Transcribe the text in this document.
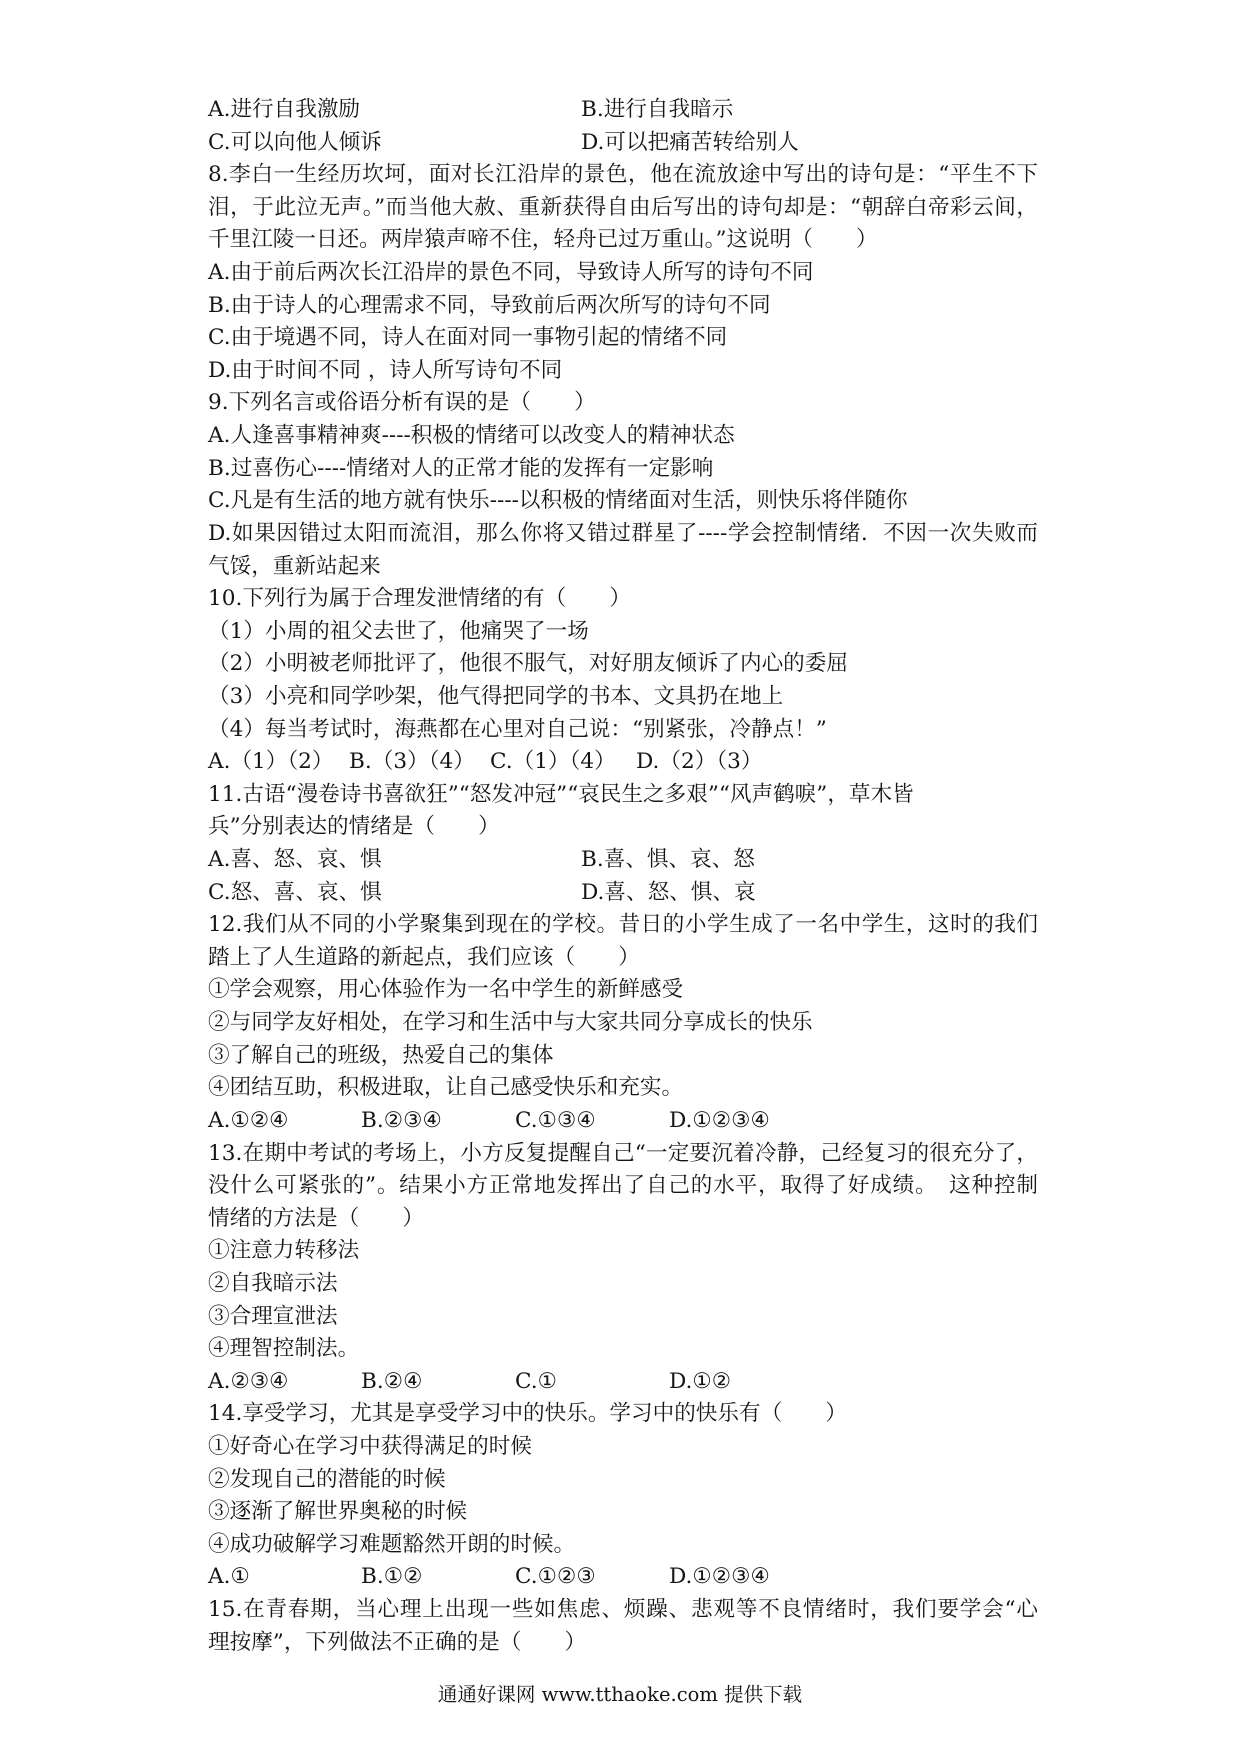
A.进行自我激励	B.进行自我暗示
C.可以向他人倾诉	D.可以把痛苦转给别人
8.李白一生经历坎坷，面对长江沿岸的景色，他在流放途中写出的诗句是：“平生不下
泪，于此泣无声。”而当他大赦、重新获得自由后写出的诗句却是：“朝辞白帝彩云间，
千里江陵一日还。两岸猿声啼不住，轻舟已过万重山。”这说明（　　）
A.由于前后两次长江沿岸的景色不同，导致诗人所写的诗句不同
B.由于诗人的心理需求不同，导致前后两次所写的诗句不同
C.由于境遇不同，诗人在面对同一事物引起的情绪不同
D.由于时间不同 ，诗人所写诗句不同
9.下列名言或俗语分析有误的是（　　）
A.人逢喜事精神爽----积极的情绪可以改变人的精神状态
B.过喜伤心----情绪对人的正常才能的发挥有一定影响
C.凡是有生活的地方就有快乐----以积极的情绪面对生活，则快乐将伴随你
D.如果因错过太阳而流泪，那么你将又错过群星了----学会控制情绪．不因一次失败而
气馁，重新站起来
10.下列行为属于合理发泄情绪的有（　　）
（1）小周的祖父去世了，他痛哭了一场
（2）小明被老师批评了，他很不服气，对好朋友倾诉了内心的委屈
（3）小亮和同学吵架，他气得把同学的书本、文具扔在地上
（4）每当考试时，海燕都在心里对自己说：“别紧张，冷静点！”
A.（1）（2） B.（3）（4） C.（1）（4） D.（2）（3）
11.古语“漫卷诗书喜欲狂”“怒发冲冠”“哀民生之多艰”“风声鹤唳”，草木皆
兵”分别表达的情绪是（　　）
A.喜、怒、哀、惧	B.喜、惧、哀、怒
C.怒、喜、哀、惧	D.喜、怒、惧、哀
12.我们从不同的小学聚集到现在的学校。昔日的小学生成了一名中学生，这时的我们
踏上了人生道路的新起点，我们应该（　　）
①学会观察，用心体验作为一名中学生的新鲜感受
②与同学友好相处，在学习和生活中与大家共同分享成长的快乐
③了解自己的班级，热爱自己的集体
④团结互助，积极进取，让自己感受快乐和充实。
A.①②④	B.②③④	C.①③④	D.①②③④
13.在期中考试的考场上，小方反复提醒自己“一定要沉着冷静，己经复习的很充分了，
没什么可紧张的”。结果小方正常地发挥出了自己的水平，取得了好成绩。　这种控制
情绪的方法是（　　）
①注意力转移法
②自我暗示法
③合理宣泄法
④理智控制法。
A.②③④	B.②④	C.①	D.①②
14.享受学习，尤其是享受学习中的快乐。学习中的快乐有（　　）
①好奇心在学习中获得满足的时候
②发现自己的潜能的时候
③逐渐了解世界奥秘的时候
④成功破解学习难题豁然开朗的时候。
A.①	B.①②	C.①②③	D.①②③④
15.在青春期，当心理上出现一些如焦虑、烦躁、悲观等不良情绪时，我们要学会“心
理按摩”，下列做法不正确的是（　　）
通通好课网 www.tthaoke.com 提供下载
